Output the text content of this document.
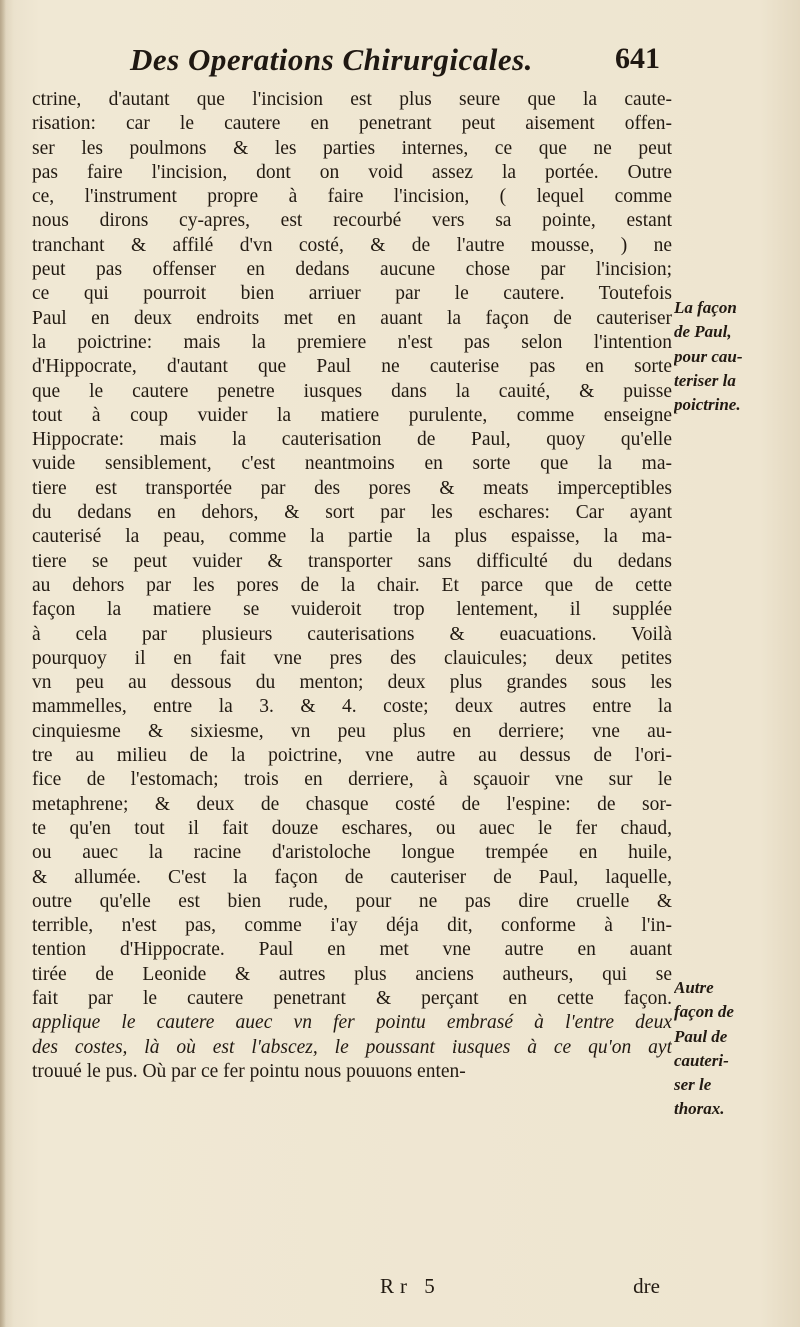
Des Operations Chirurgicales.	641
ctrine, d'autant que l'incision est plus seure que la caute-
risation: car le cautere en penetrant peut aisement offen-
ser les poulmons & les parties internes, ce que ne peut
pas faire l'incision, dont on void assez la portée. Outre
ce, l'instrument propre à faire l'incision, ( lequel comme
nous dirons cy-apres, est recourbé vers sa pointe, estant
tranchant & affilé d'vn costé, & de l'autre mousse, ) ne
peut pas offenser en dedans aucune chose par l'incision;
ce qui pourroit bien arriuer par le cautere. Toutefois
Paul en deux endroits met en auant la façon de cauteriser
la poictrine: mais la premiere n'est pas selon l'intention
d'Hippocrate, d'autant que Paul ne cauterise pas en sorte
que le cautere penetre iusques dans la cauité, & puisse
tout à coup vuider la matiere purulente, comme enseigne
Hippocrate: mais la cauterisation de Paul, quoy qu'elle
vuide sensiblement, c'est neantmoins en sorte que la ma-
tiere est transportée par des pores & meats imperceptibles
du dedans en dehors, & sort par les eschares: Car ayant
cauterisé la peau, comme la partie la plus espaisse, la ma-
tiere se peut vuider & transporter sans difficulté du dedans
au dehors par les pores de la chair. Et parce que de cette
façon la matiere se vuideroit trop lentement, il supplée
à cela par plusieurs cauterisations & euacuations. Voilà
pourquoy il en fait vne pres des clauicules; deux petites
vn peu au dessous du menton; deux plus grandes sous les
mammelles, entre la 3. & 4. coste; deux autres entre la
cinquiesme & sixiesme, vn peu plus en derriere; vne au-
tre au milieu de la poictrine, vne autre au dessus de l'ori-
fice de l'estomach; trois en derriere, à sçauoir vne sur le
metaphrene; & deux de chasque costé de l'espine: de sor-
te qu'en tout il fait douze eschares, ou auec le fer chaud,
ou auec la racine d'aristoloche longue trempée en huile,
& allumée. C'est la façon de cauteriser de Paul, laquelle,
outre qu'elle est bien rude, pour ne pas dire cruelle &
terrible, n'est pas, comme i'ay déja dit, conforme à l'in-
tention d'Hippocrate. Paul en met vne autre en auant
tirée de Leonide & autres plus anciens autheurs, qui se
fait par le cautere penetrant & perçant en cette façon.
applique le cautere auec vn fer pointu embrasé à l'entre deux
des costes, là où est l'abscez, le poussant iusques à ce qu'on ayt
trouué le pus. Où par ce fer pointu nous pouuons enten-
La façon
de Paul,
pour cau-
teriser la
poictrine.
Autre
façon de
Paul de
cauteri-
ser le
thorax.
Rr 5	dre
